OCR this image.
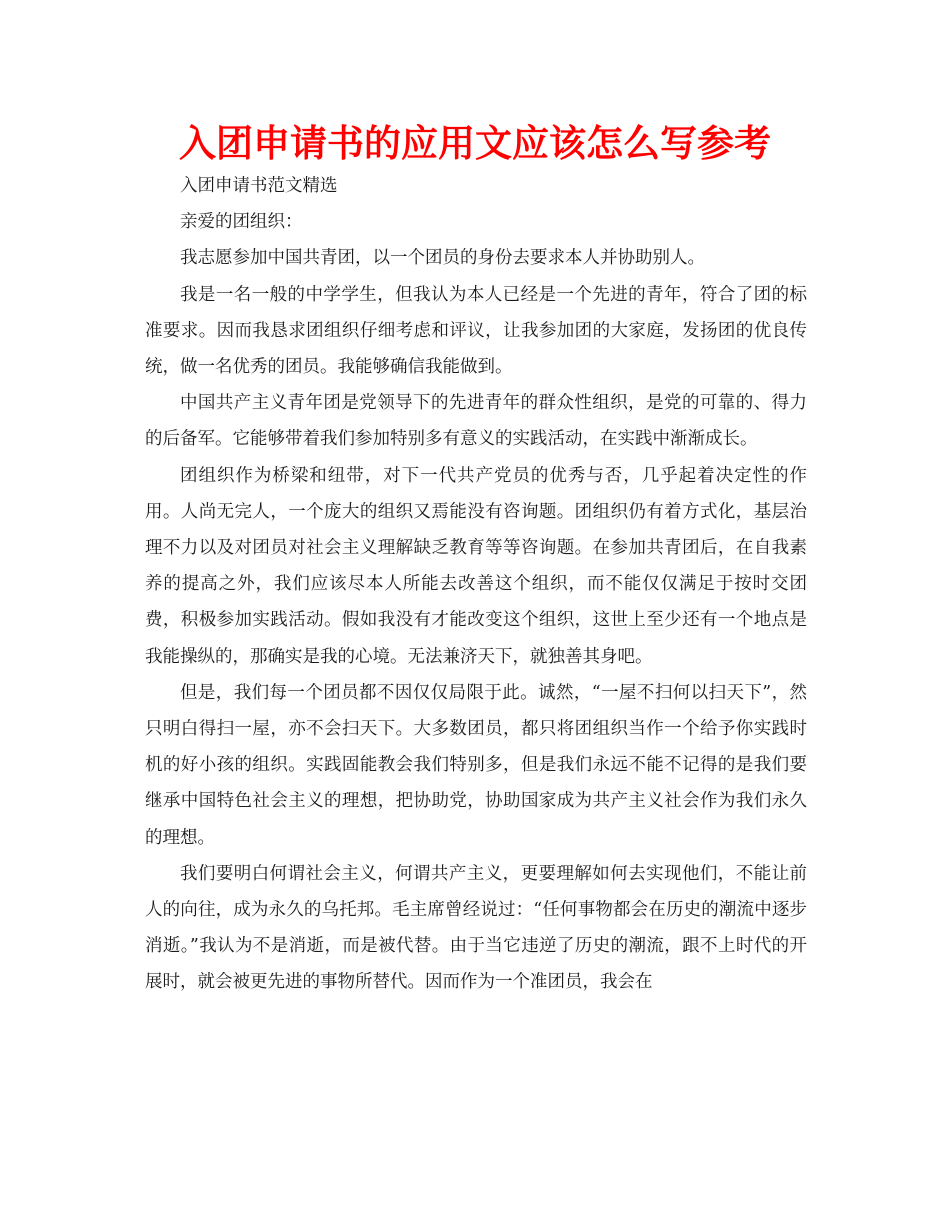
入团申请书的应用文应该怎么写参考

入团申请书范文精选

亲爱的团组织：

我志愿参加中国共青团，以一个团员的身份去要求本人并协助别人。

我是一名一般的中学学生，但我认为本人已经是一个先进的青年，符合了团的标准要求。因而我恳求团组织仔细考虑和评议，让我参加团的大家庭，发扬团的优良传统，做一名优秀的团员。我能够确信我能做到。

中国共产主义青年团是党领导下的先进青年的群众性组织，是党的可靠的、得力的后备军。它能够带着我们参加特别多有意义的实践活动，在实践中渐渐成长。

团组织作为桥梁和纽带，对下一代共产党员的优秀与否，几乎起着决定性的作用。人尚无完人，一个庞大的组织又焉能没有咨询题。团组织仍有着方式化，基层治理不力以及对团员对社会主义理解缺乏教育等等咨询题。在参加共青团后，在自我素养的提高之外，我们应该尽本人所能去改善这个组织，而不能仅仅满足于按时交团费，积极参加实践活动。假如我没有才能改变这个组织，这世上至少还有一个地点是我能操纵的，那确实是我的心境。无法兼济天下，就独善其身吧。

但是，我们每一个团员都不因仅仅局限于此。诚然，“一屋不扫何以扫天下”，然只明白得扫一屋，亦不会扫天下。大多数团员，都只将团组织当作一个给予你实践时机的好小孩的组织。实践固能教会我们特别多，但是我们永远不能不记得的是我们要继承中国特色社会主义的理想，把协助党，协助国家成为共产主义社会作为我们永久的理想。

我们要明白何谓社会主义，何谓共产主义，更要理解如何去实现他们，不能让前人的向往，成为永久的乌托邦。毛主席曾经说过：“任何事物都会在历史的潮流中逐步消逝。”我认为不是消逝，而是被代替。由于当它违逆了历史的潮流，跟不上时代的开展时，就会被更先进的事物所替代。因而作为一个准团员，我会在
